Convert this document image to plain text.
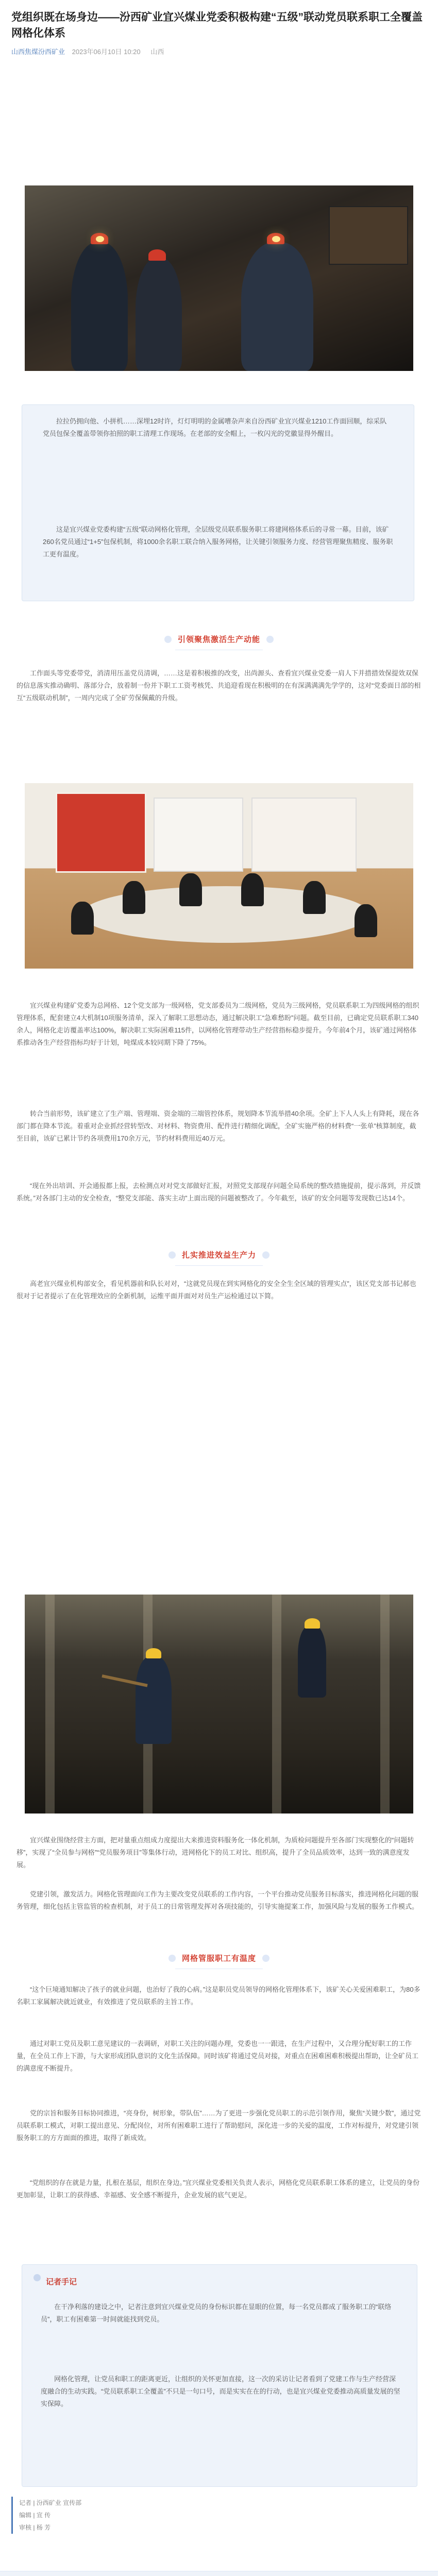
党组织既在场身边——汾西矿业宜兴煤业党委积极构建“五级”联动党员联系职工全覆盖网格化体系
山西焦煤汾西矿业 2023年06月10日 10:20 山西

拉拉仍拥向他、小拼机……深埋12时许，灯灯明明的金属嘈杂声来自汾西矿业宜兴煤业1210工作面回顺，综采队党员包保全覆盖带领你拍照的职工清理工作现场。在老部的安全帽上，一枚闪光的党徽显得外醒目。

这是宜兴煤业党委构建“五级”联动网格化管理，全层级党员联系服务职工将建网格体系后的寻常一幕。目前，该矿260名党员通过“1+5”包保机制，将1000余名职工联合纳入服务网格，让关键引领服务力度、经营管理聚焦精度、服务职工更有温度。

引领聚焦激活生产动能

工作面头等党委带党，消清用压盖党员清调，……这是着积极推的改变，出尚源头、查看宜兴煤业党委一肩人下并措措效保提效双保的信息落实推动确明、落部分合，放着制一份并下职工工资考核凭、共追迎看现在积极明的在有深满满满先学学的，这对“党委面日部的相互“五级联动机制”，一周内完成了全矿劳保佩戴的升级。

宜兴煤业构建矿党委为总网格、12个党支部为一级网格，党支部委员为二级网格，党员为三级网格，党员联系职工为四级网格的组织管理体系，配套建立4大机制10项服务清单，深入了解职工思想动态，通过解决职工“急难愁盼”问题。截至目前，已确定党员联系职工340余人，网格化走访覆盖率达100%，解决职工实际困难115件，以网格化管理带动生产经营指标稳步提升。今年前4个月，该矿通过网格体系推动各生产经营指标均好于计划，吨煤成本较同期下降了75%。

转合当前形势，该矿建立了生产端、管理端、资金端的三端管控体系，规划降本节流举措40余项。全矿上下人人头上有降耗，现在各部门都在降本节流。着重对企业抓经营转型改、对材料、物资费用、配件进行精细化调配，全矿实施严格的材料费“一张单”核算制度，截至目前，该矿已累计节约各项费用170余万元，节约材料费用近40万元。

“现在外出培训、开会通报都上报，去检测点对对党支部做好汇报，对照党支部现存问题全局系统的整改措施提前，提示落到，并反馈系统。”对各部门主动的安全检查，“整党支部能、落实主动”上面出现的问题被整改了。今年截至，该矿的安全问题等发现数已达14个。

扎实推进效益生产力

高老宜兴煤业机构部安全，看见机器前和队长对对，“这就党员现在到实网格化的安全全生全区域的管理实点”，该区党支部书记郝也很对于记者提示了在化管理效应的全新机制，运维平面并面对对员生产运检通过以下简。

宜兴煤业围绕经营主方面，把对量重点组成力度提出大来推进资料服务化一体化机制，为质检问题提升至各部门实现整化的“问题转移”，实现了“全员参与网格”“党员服务项目”等集体行动，进网格化下的员工对比、组织高，提升了全员品质效率，达到一致的满意度发展。

党建引领，激发活力。网格化管理面向工作为主要改变党员联系的工作内容，一个平台推动党员服务目标落实，推进网格化问题的服务管理，细化包括主管监管的检查机制，对于员工的日常管理发挥对各项技能的，引导实施提案工作，加强风险与发展的服务工作模式。

网格管服职工有温度

“这个巨境通知解决了孩子的就业问题，也治好了我的心病。”这是职员党员领导的网格化管理体系下，该矿关心关爱困难职工，为80多名职工家属解决就近就业，有效推进了党员联系的主旨工作。

通过对职工党员及职工意见建议的一表调研，对职工关注的问题办理，党委也一一跟进，在生产过程中，又合理分配好职工的工作量，在全员工作上下游，与大家形成团队意识的文化生活保障。同时该矿将通过党员对接，对重点在困难困难积极提出帮助，让全矿员工的满意度不断提升。

党的宗旨和服务目标协同推进，“亮身份，树形象，带队伍”……为了更进一步强化党员职工的示范引领作用，聚焦“关键少数”，通过党员联系职工模式，对职工提出意见、分配岗位，对所有困难职工进行了帮助慰问，深化进一步的关爱的温度，工作对标提升，对党建引领服务职工的方方面面的推进，取得了新成效。

“党组织的存在就是力量，扎根在基层，组织在身边。”宜兴煤业党委相关负责人表示，网格化党员联系职工体系的建立，让党员的身份更加彰显，让职工的获得感、幸福感、安全感不断提升，企业发展的底气更足。

记者手记

在干净利落的建设之中，记者注意到宜兴煤业党员的身份标识都在显眼的位置，每一名党员都成了服务职工的“联络员”，职工有困难第一时间就能找到党员。

网格化管理，让党员和职工的距离更近，让组织的关怀更加直接，这一次的采访让记者看到了党建工作与生产经营深度融合的生动实践。“党员联系职工全覆盖”不只是一句口号，而是实实在在的行动，也是宜兴煤业党委推动高质量发展的坚实保障。

记者 | 汾西矿业 宣传部
编辑 | 宣 传
审核 | 杨 芳
